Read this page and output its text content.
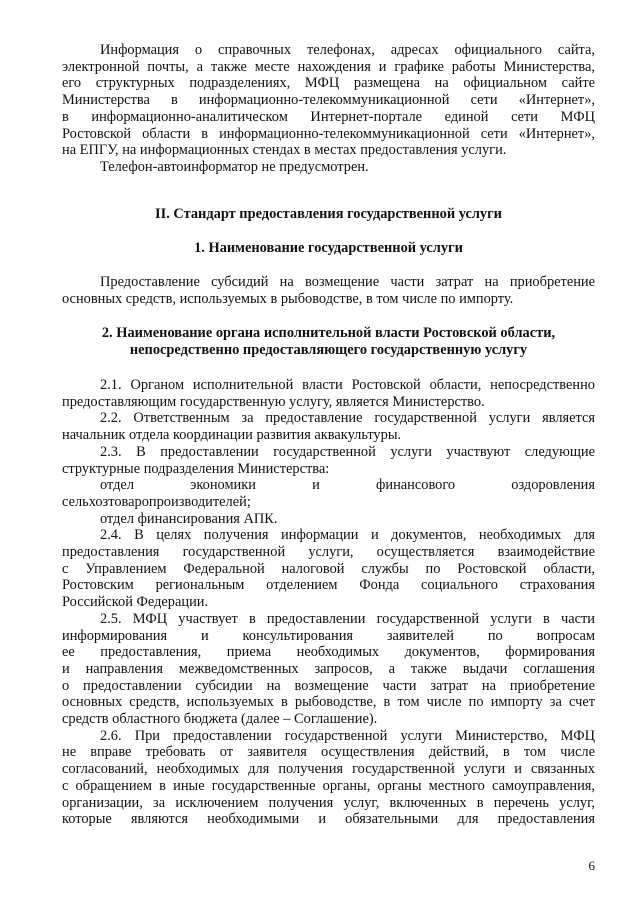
Информация о справочных телефонах, адресах официального сайта,
электронной почты, а также месте нахождения и графике работы Министерства,
его структурных подразделениях, МФЦ размещена на официальном сайте
Министерства в информационно-телекоммуникационной сети «Интернет»,
в информационно-аналитическом Интернет-портале единой сети МФЦ
Ростовской области в информационно-телекоммуникационной сети «Интернет»,
на ЕПГУ, на информационных стендах в местах предоставления услуги.
Телефон-автоинформатор не предусмотрен.

II. Стандарт предоставления государственной услуги

1. Наименование государственной услуги

Предоставление субсидий на возмещение части затрат на приобретение
основных средств, используемых в рыбоводстве, в том числе по импорту.
2. Наименование органа исполнительной власти Ростовской области,
непосредственно предоставляющего государственную услугу
2.1. Органом исполнительной власти Ростовской области, непосредственно
предоставляющим государственную услугу, является Министерство.
2.2. Ответственным за предоставление государственной услуги является
начальник отдела координации развития аквакультуры.
2.3. В предоставлении государственной услуги участвуют следующие
структурные подразделения Министерства:
отдел экономики и финансового оздоровления
сельхозтоваропроизводителей;
отдел финансирования АПК.
2.4. В целях получения информации и документов, необходимых для
предоставления государственной услуги, осуществляется взаимодействие
с Управлением Федеральной налоговой службы по Ростовской области,
Ростовским региональным отделением Фонда социального страхования
Российской Федерации.
2.5. МФЦ участвует в предоставлении государственной услуги в части
информирования и консультирования заявителей по вопросам
ее предоставления, приема необходимых документов, формирования
и направления межведомственных запросов, а также выдачи соглашения
о предоставлении субсидии на возмещение части затрат на приобретение
основных средств, используемых в рыбоводстве, в том числе по импорту за счет
средств областного бюджета (далее – Соглашение).
2.6. При предоставлении государственной услуги Министерство, МФЦ
не вправе требовать от заявителя осуществления действий, в том числе
согласований, необходимых для получения государственной услуги и связанных
с обращением в иные государственные органы, органы местного самоуправления,
организации, за исключением получения услуг, включенных в перечень услуг,
которые являются необходимыми и обязательными для предоставления
6
